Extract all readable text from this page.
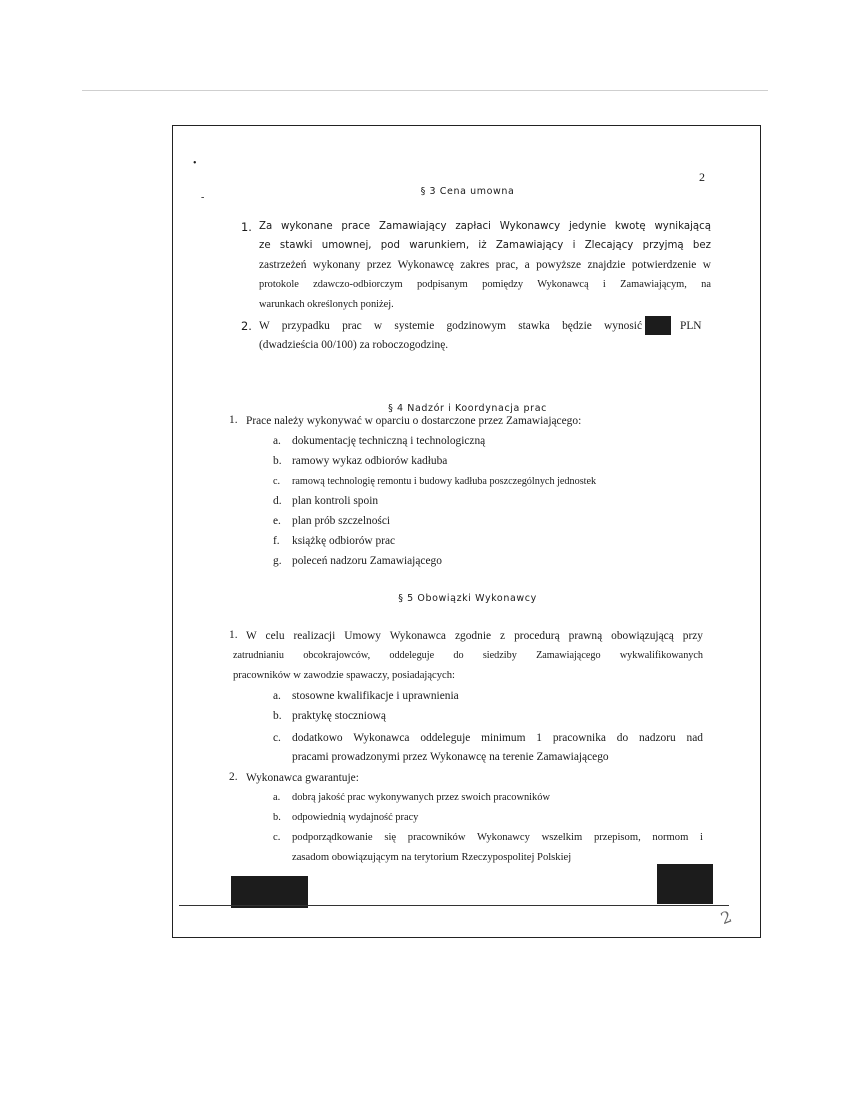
•
-
2
§ 3 Cena umowna
1. Za wykonane prace Zamawiający zapłaci Wykonawcy jedynie kwotę wynikającą
ze stawki umownej, pod warunkiem, iż Zamawiający i Zlecający przyjmą bez
zastrzeżeń wykonany przez Wykonawcę zakres prac, a powyższe znajdzie potwierdzenie w
protokole zdawczo-odbiorczym podpisanym pomiędzy Wykonawcą i Zamawiającym, na
warunkach określonych poniżej.
2. W przypadku prac w systemie godzinowym stawka będzie wynosić	PLN
(dwadzieścia 00/100) za roboczogodzinę.
§ 4 Nadzór i Koordynacja prac
1. Prace należy wykonywać w oparciu o dostarczone przez Zamawiającego:
a. dokumentację techniczną i technologiczną
b. ramowy wykaz odbiorów kadłuba
c. ramową technologię remontu i budowy kadłuba poszczególnych jednostek
d. plan kontroli spoin
e. plan prób szczelności
f. książkę odbiorów prac
g. poleceń nadzoru Zamawiającego
§ 5 Obowiązki Wykonawcy
1. W celu realizacji Umowy Wykonawca zgodnie z procedurą prawną obowiązującą przy
zatrudnianiu obcokrajowców, oddeleguje do siedziby Zamawiającego wykwalifikowanych
pracowników w zawodzie spawaczy, posiadających:
a. stosowne kwalifikacje i uprawnienia
b. praktykę stoczniową
c. dodatkowo Wykonawca oddeleguje minimum 1 pracownika do nadzoru nad
pracami prowadzonymi przez Wykonawcę na terenie Zamawiającego
2. Wykonawca gwarantuje:
a. dobrą jakość prac wykonywanych przez swoich pracowników
b. odpowiednią wydajność pracy
c. podporządkowanie się pracowników Wykonawcy wszelkim przepisom, normom i
zasadom obowiązującym na terytorium Rzeczypospolitej Polskiej
2
